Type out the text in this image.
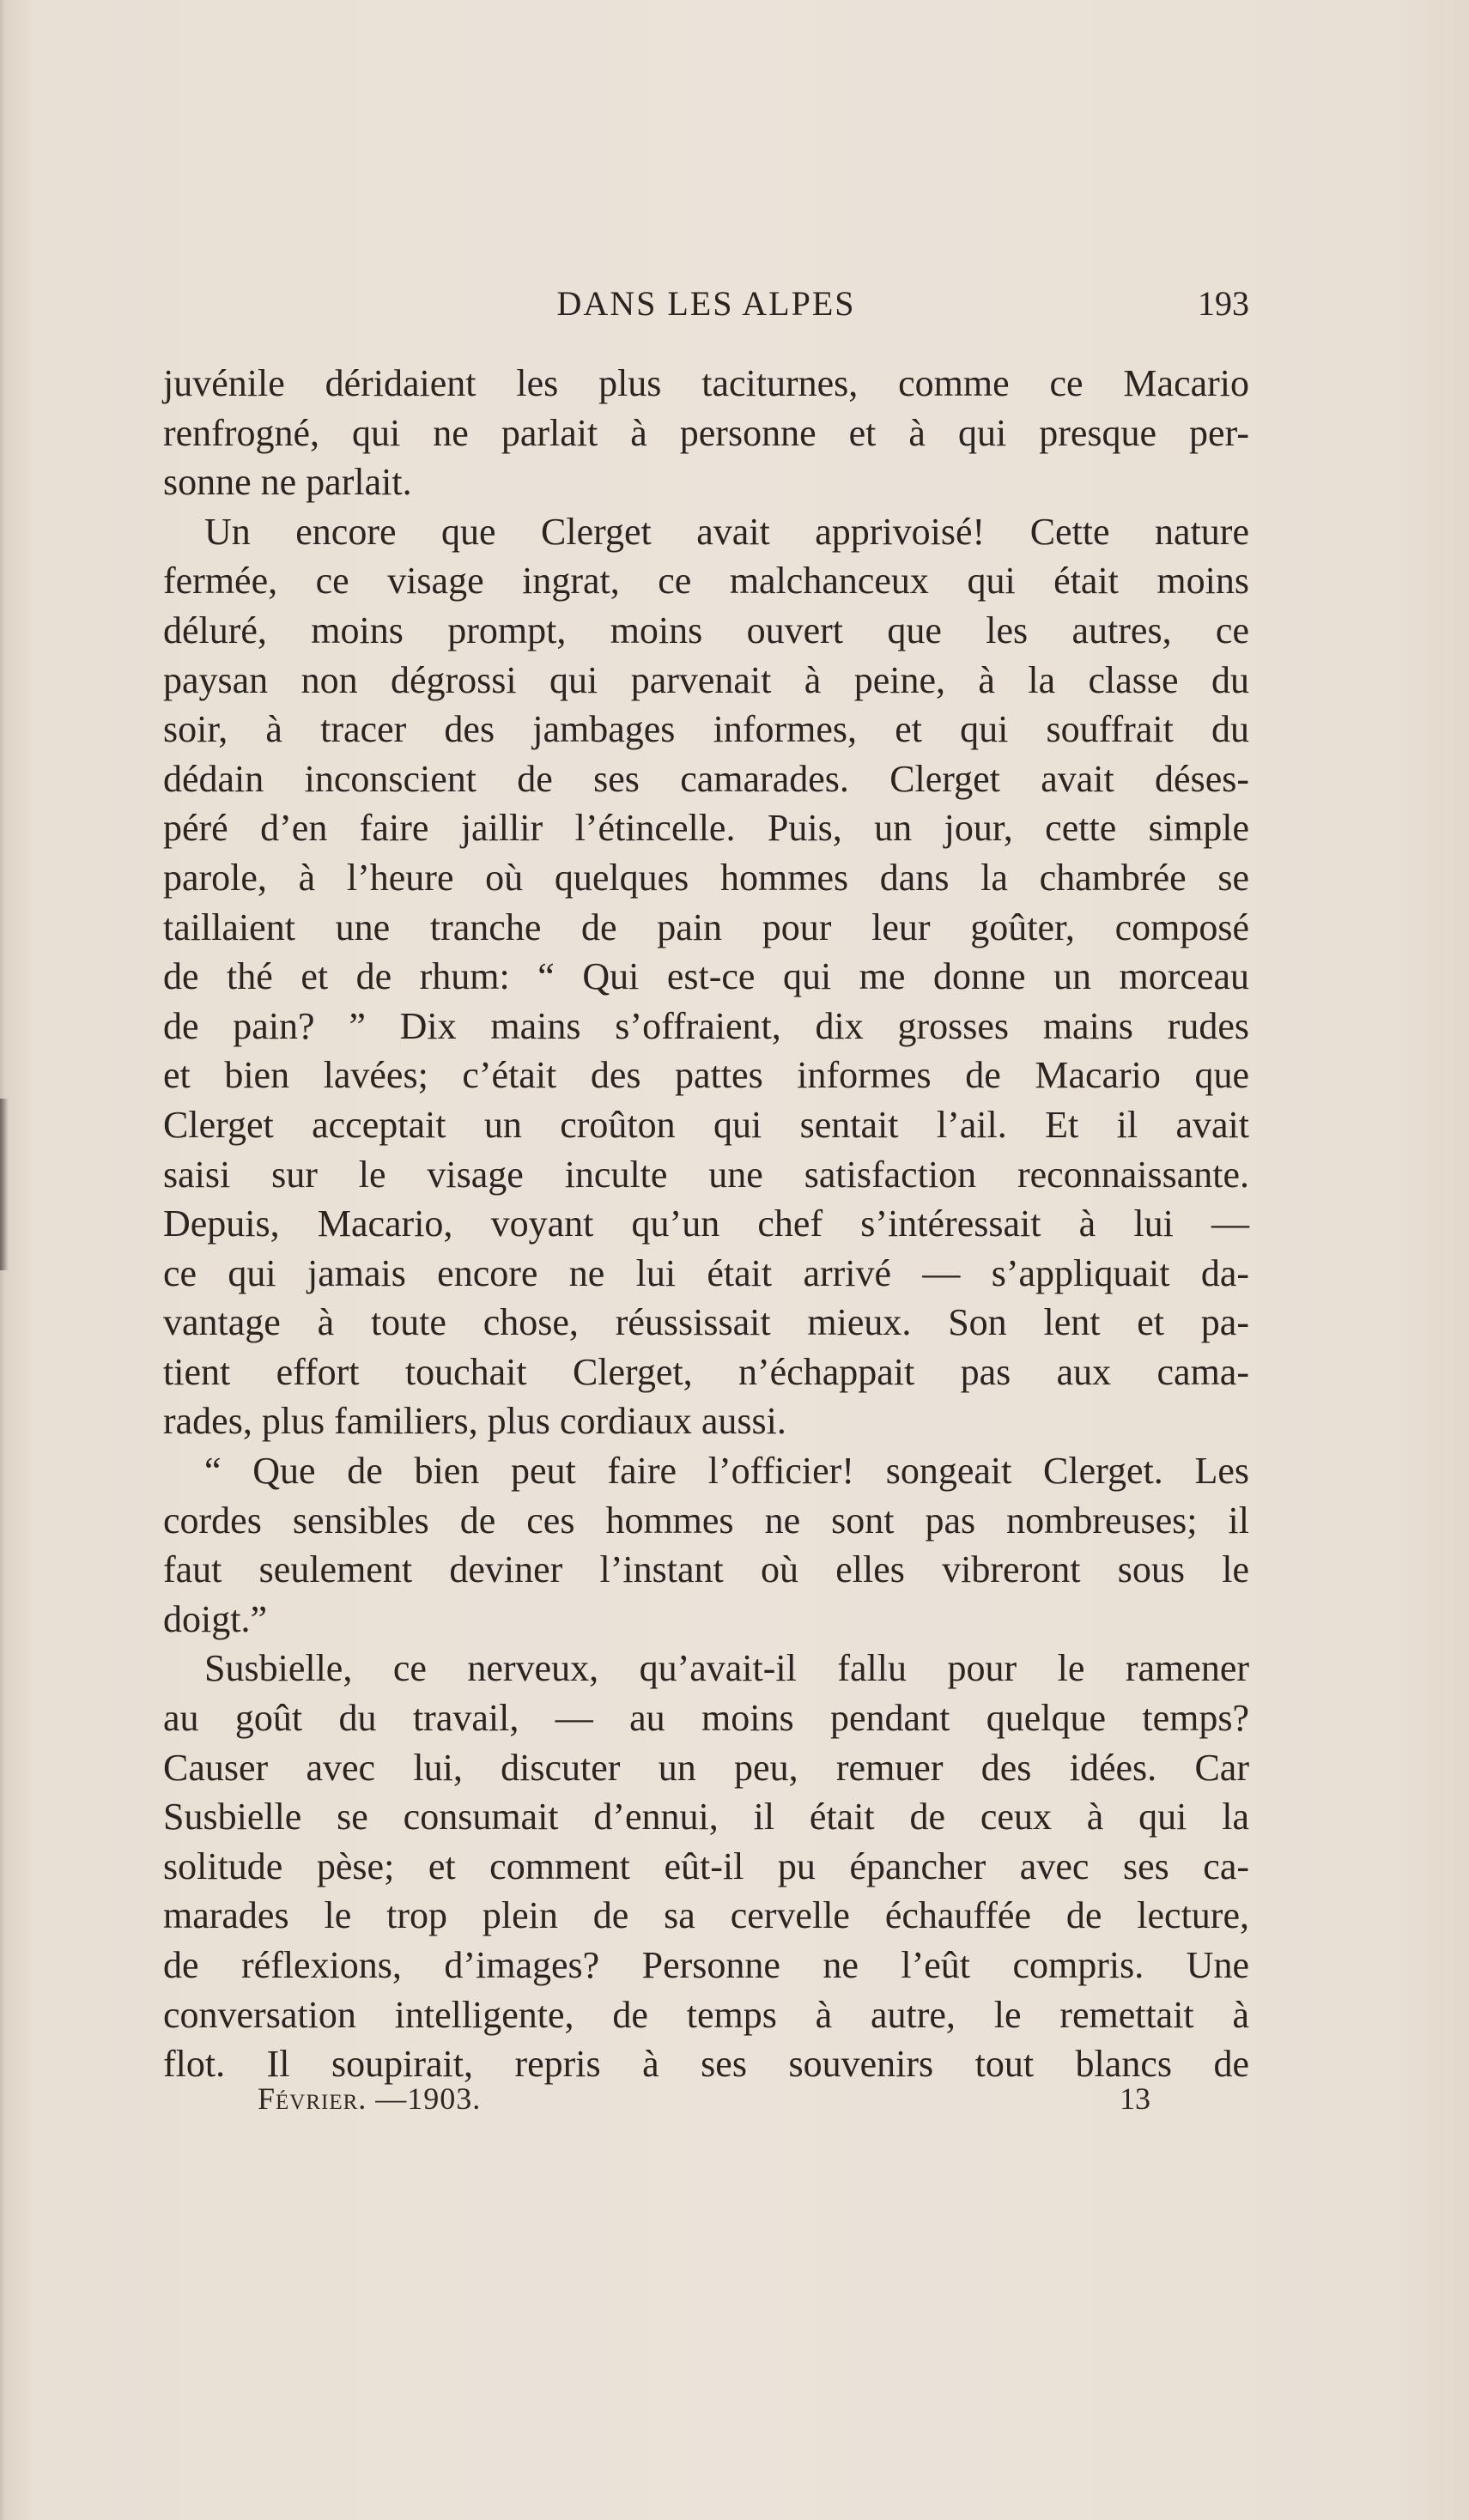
DANS LES ALPES	193
juvénile déridaient les plus taciturnes, comme ce Macario
renfrogné, qui ne parlait à personne et à qui presque per-
sonne ne parlait.
Un encore que Clerget avait apprivoisé! Cette nature
fermée, ce visage ingrat, ce malchanceux qui était moins
déluré, moins prompt, moins ouvert que les autres, ce
paysan non dégrossi qui parvenait à peine, à la classe du
soir, à tracer des jambages informes, et qui souffrait du
dédain inconscient de ses camarades. Clerget avait déses-
péré d’en faire jaillir l’étincelle. Puis, un jour, cette simple
parole, à l’heure où quelques hommes dans la chambrée se
taillaient une tranche de pain pour leur goûter, composé
de thé et de rhum: “ Qui est-ce qui me donne un morceau
de pain? ” Dix mains s’offraient, dix grosses mains rudes
et bien lavées; c’était des pattes informes de Macario que
Clerget acceptait un croûton qui sentait l’ail. Et il avait
saisi sur le visage inculte une satisfaction reconnaissante.
Depuis, Macario, voyant qu’un chef s’intéressait à lui —
ce qui jamais encore ne lui était arrivé — s’appliquait da-
vantage à toute chose, réussissait mieux. Son lent et pa-
tient effort touchait Clerget, n’échappait pas aux cama-
rades, plus familiers, plus cordiaux aussi.
“ Que de bien peut faire l’officier! songeait Clerget. Les
cordes sensibles de ces hommes ne sont pas nombreuses; il
faut seulement deviner l’instant où elles vibreront sous le
doigt.”
Susbielle, ce nerveux, qu’avait-il fallu pour le ramener
au goût du travail, — au moins pendant quelque temps?
Causer avec lui, discuter un peu, remuer des idées. Car
Susbielle se consumait d’ennui, il était de ceux à qui la
solitude pèse; et comment eût-il pu épancher avec ses ca-
marades le trop plein de sa cervelle échauffée de lecture,
de réflexions, d’images? Personne ne l’eût compris. Une
conversation intelligente, de temps à autre, le remettait à
flot. Il soupirait, repris à ses souvenirs tout blancs de
Février. —1903.	13
